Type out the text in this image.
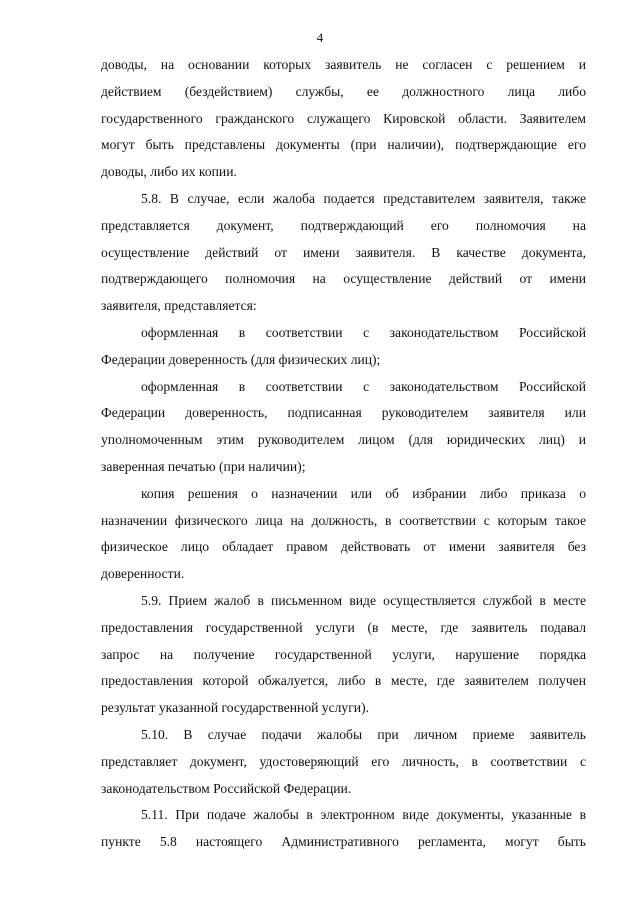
4
доводы, на основании которых заявитель не согласен с решением и
действием (бездействием) службы, ее должностного лица либо
государственного гражданского служащего Кировской области. Заявителем
могут быть представлены документы (при наличии), подтверждающие его
доводы, либо их копии.
5.8. В случае, если жалоба подается представителем заявителя, также
представляется документ, подтверждающий его полномочия на
осуществление действий от имени заявителя. В качестве документа,
подтверждающего полномочия на осуществление действий от имени
заявителя, представляется:
оформленная в соответствии с законодательством Российской
Федерации доверенность (для физических лиц);
оформленная в соответствии с законодательством Российской
Федерации доверенность, подписанная руководителем заявителя или
уполномоченным этим руководителем лицом (для юридических лиц) и
заверенная печатью (при наличии);
копия решения о назначении или об избрании либо приказа о
назначении физического лица на должность, в соответствии с которым такое
физическое лицо обладает правом действовать от имени заявителя без
доверенности.
5.9. Прием жалоб в письменном виде осуществляется службой в месте
предоставления государственной услуги (в месте, где заявитель подавал
запрос на получение государственной услуги, нарушение порядка
предоставления которой обжалуется, либо в месте, где заявителем получен
результат указанной государственной услуги).
5.10. В случае подачи жалобы при личном приеме заявитель
представляет документ, удостоверяющий его личность, в соответствии с
законодательством Российской Федерации.
5.11. При подаче жалобы в электронном виде документы, указанные в
пункте 5.8 настоящего Административного регламента, могут быть
